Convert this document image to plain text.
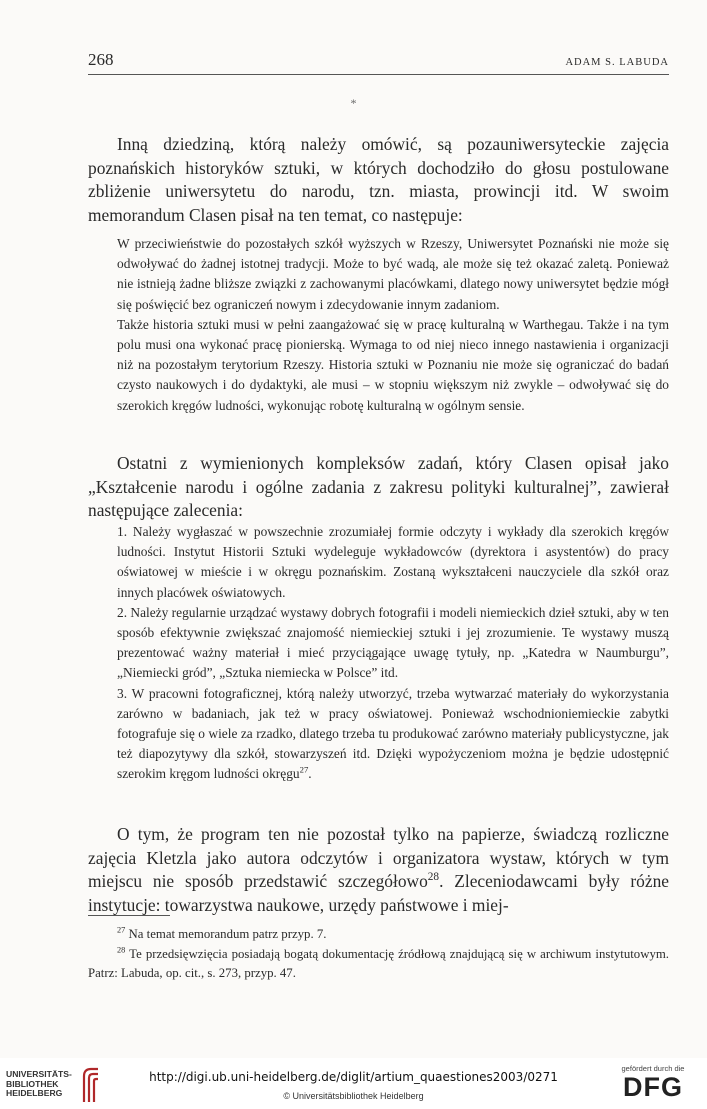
268	ADAM S. LABUDA
*

Inną dziedziną, którą należy omówić, są pozauniwersyteckie zajęcia poznańskich historyków sztuki, w których dochodziło do głosu postulowane zbliżenie uniwersytetu do narodu, tzn. miasta, prowincji itd. W swoim memorandum Clasen pisał na ten temat, co następuje:

W przeciwieństwie do pozostałych szkół wyższych w Rzeszy, Uniwersytet Poznański nie może się odwoływać do żadnej istotnej tradycji. Może to być wadą, ale może się też okazać zaletą. Ponieważ nie istnieją żadne bliższe związki z zachowanymi placówkami, dlatego nowy uniwersytet będzie mógł się poświęcić bez ograniczeń nowym i zdecydowanie innym zadaniom.

Także historia sztuki musi w pełni zaangażować się w pracę kulturalną w Warthegau. Także i na tym polu musi ona wykonać pracę pionierską. Wymaga to od niej nieco innego nastawienia i organizacji niż na pozostałym terytorium Rzeszy. Historia sztuki w Poznaniu nie może się ograniczać do badań czysto naukowych i do dydaktyki, ale musi – w stopniu większym niż zwykle – odwoływać się do szerokich kręgów ludności, wykonując robotę kulturalną w ogólnym sensie.

Ostatni z wymienionych kompleksów zadań, który Clasen opisał jako „Kształcenie narodu i ogólne zadania z zakresu polityki kulturalnej”, zawierał następujące zalecenia:

1. Należy wygłaszać w powszechnie zrozumiałej formie odczyty i wykłady dla szerokich kręgów ludności. Instytut Historii Sztuki wydeleguje wykładowców (dyrektora i asystentów) do pracy oświatowej w mieście i w okręgu poznańskim. Zostaną wykształceni nauczyciele dla szkół oraz innych placówek oświatowych.

2. Należy regularnie urządzać wystawy dobrych fotografii i modeli niemieckich dzieł sztuki, aby w ten sposób efektywnie zwiększać znajomość niemieckiej sztuki i jej zrozumienie. Te wystawy muszą prezentować ważny materiał i mieć przyciągające uwagę tytuły, np. „Katedra w Naumburgu”, „Niemiecki gród”, „Sztuka niemiecka w Polsce” itd.

3. W pracowni fotograficznej, którą należy utworzyć, trzeba wytwarzać materiały do wykorzystania zarówno w badaniach, jak też w pracy oświatowej. Ponieważ wschodnioniemieckie zabytki fotografuje się o wiele za rzadko, dlatego trzeba tu produkować zarówno materiały publicystyczne, jak też diapozytywy dla szkół, stowarzyszeń itd. Dzięki wypożyczeniom można je będzie udostępnić szerokim kręgom ludności okręgu$^{27}$.

O tym, że program ten nie pozostał tylko na papierze, świadczą rozliczne zajęcia Kletzla jako autora odczytów i organizatora wystaw, których w tym miejscu nie sposób przedstawić szczegółowo$^{28}$. Zleceniodawcami były różne instytucje: towarzystwa naukowe, urzędy państwowe i miej-

$^{27}$ Na temat memorandum patrz przyp. 7.

$^{28}$ Te przedsięwzięcia posiadają bogatą dokumentację źródłową znajdującą się w archiwum instytutowym. Patrz: Labuda, op. cit., s. 273, przyp. 47.

UNIVERSITÄTS-
BIBLIOTHEK
HEIDELBERG
http://digi.ub.uni-heidelberg.de/diglit/artium_quaestiones2003/0271
© Universitätsbibliothek Heidelberg
gefördert durch die
DFG
